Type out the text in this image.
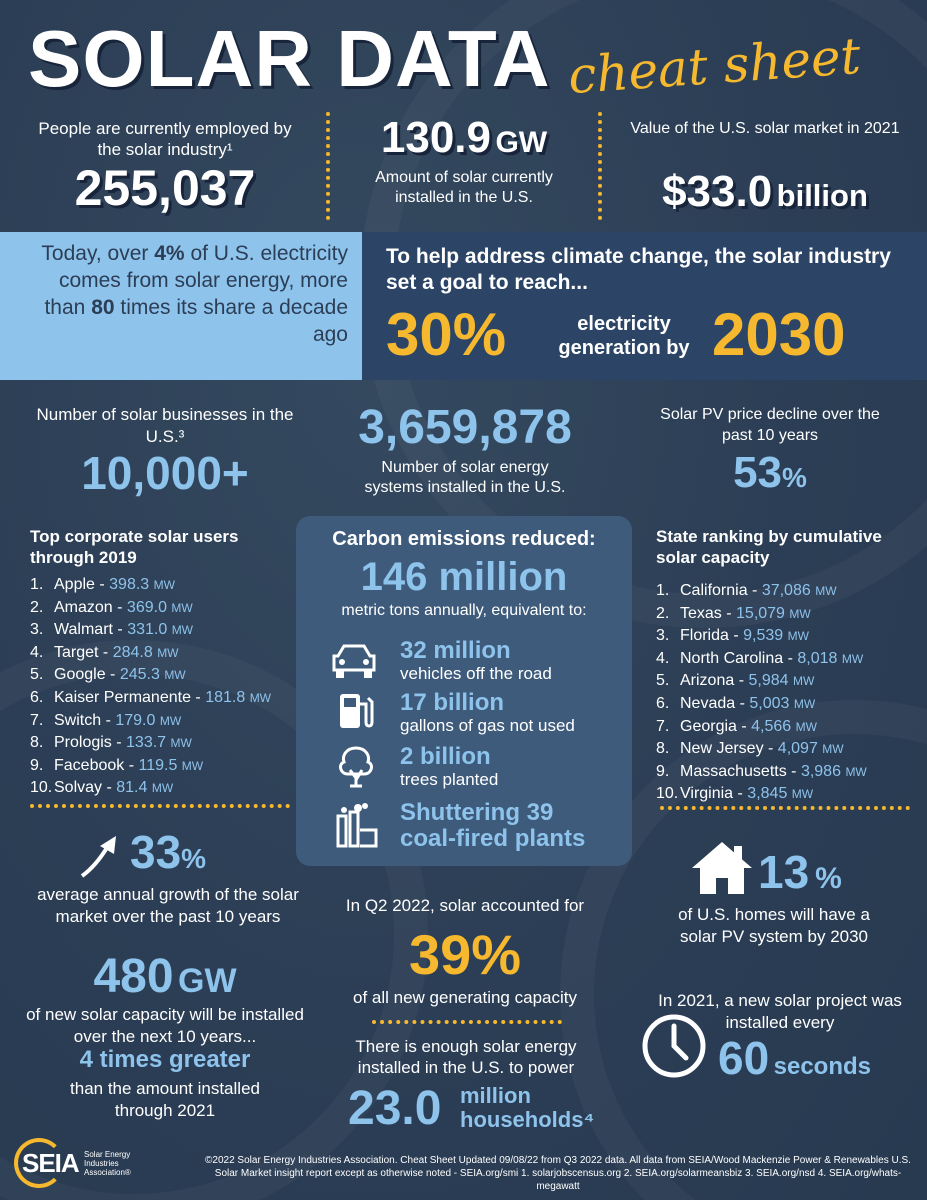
SOLAR DATA cheat sheet
People are currently employed by the solar industry¹
255,037
130.9 GW
Amount of solar currently installed in the U.S.
Value of the U.S. solar market in 2021
$33.0 billion
Today, over 4% of U.S. electricity comes from solar energy, more than 80 times its share a decade ago
To help address climate change, the solar industry set a goal to reach...
30%	electricity generation by 2030
Number of solar businesses in the U.S.³
10,000+
3,659,878
Number of solar energy systems installed in the U.S.
Solar PV price decline over the past 10 years
53%
Top corporate solar users through 2019
1. Apple - 398.3 MW
2. Amazon - 369.0 MW
3. Walmart - 331.0 MW
4. Target - 284.8 MW
5. Google - 245.3 MW
6. Kaiser Permanente - 181.8 MW
7. Switch - 179.0 MW
8. Prologis - 133.7 MW
9. Facebook - 119.5 MW
10. Solvay - 81.4 MW
Carbon emissions reduced:
146 million
metric tons annually, equivalent to:
32 million
vehicles off the road
17 billion
gallons of gas not used
2 billion
trees planted
Shuttering 39
coal-fired plants
State ranking by cumulative solar capacity
1. California - 37,086 MW
2. Texas - 15,079 MW
3. Florida - 9,539 MW
4. North Carolina - 8,018 MW
5. Arizona - 5,984 MW
6. Nevada - 5,003 MW
7. Georgia - 4,566 MW
8. New Jersey - 4,097 MW
9. Massachusetts - 3,986 MW
10. Virginia - 3,845 MW
33%
average annual growth of the solar market over the past 10 years
In Q2 2022, solar accounted for
39%
of all new generating capacity
There is enough solar energy installed in the U.S. to power
23.0 million
households⁴
13 %
of U.S. homes will have a solar PV system by 2030
480 GW
of new solar capacity will be installed over the next 10 years...
4 times greater
than the amount installed through 2021
In 2021, a new solar project was installed every
60 seconds
SEIA Solar Energy
Industries
Association®
©2022 Solar Energy Industries Association. Cheat Sheet Updated 09/08/22 from Q3 2022 data. All data from SEIA/Wood Mackenzie Power & Renewables U.S. Solar Market insight report except as otherwise noted - SEIA.org/smi 1. solarjobscensus.org 2. SEIA.org/solarmeansbiz 3. SEIA.org/nsd 4. SEIA.org/whats-megawatt
